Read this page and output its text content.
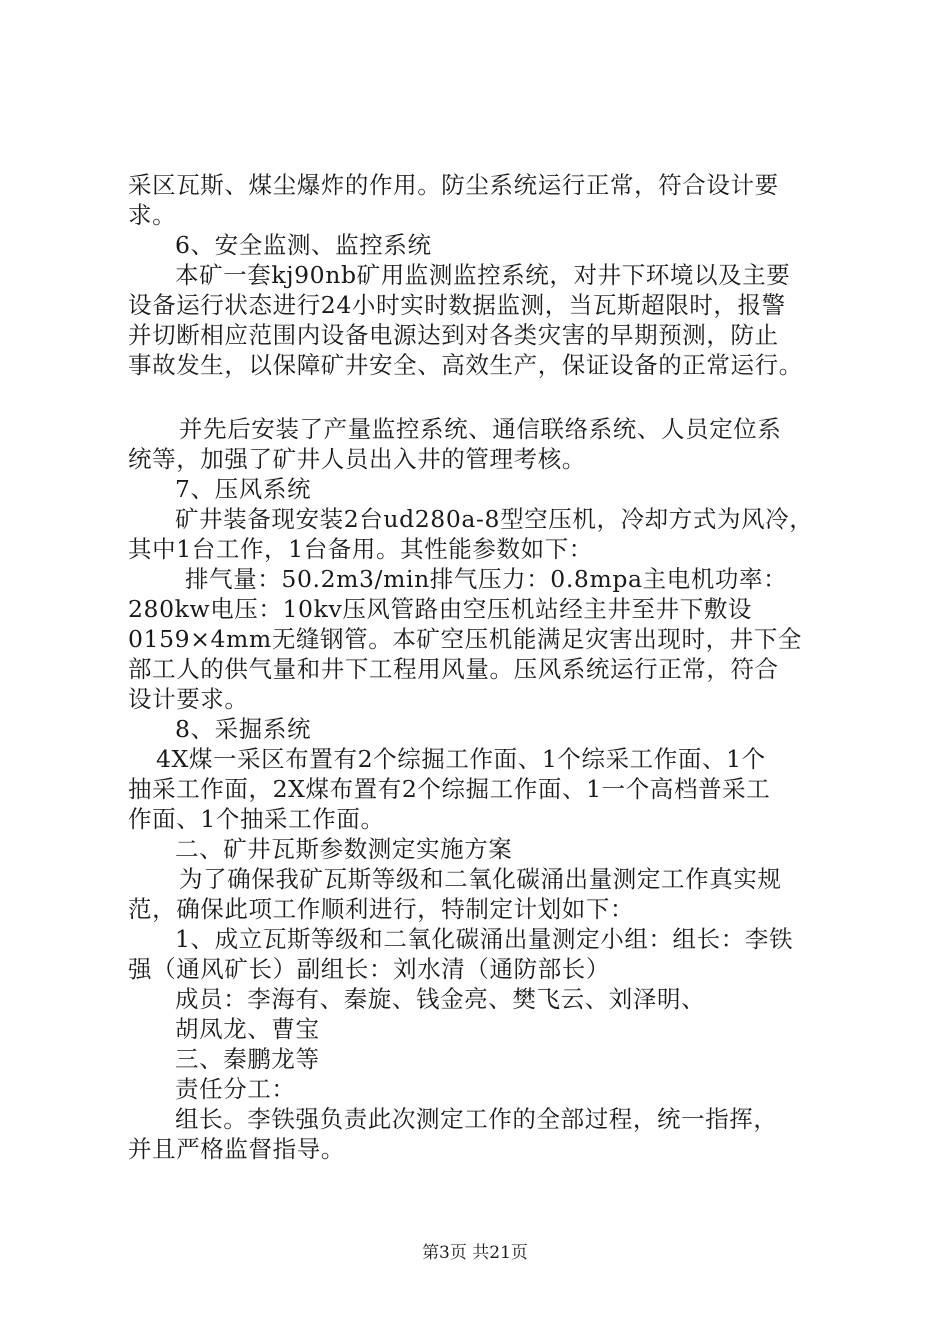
采区瓦斯、煤尘爆炸的作用。防尘系统运行正常，符合设计要
求。
6、安全监测、监控系统
本矿一套kj90nb矿用监测监控系统，对井下环境以及主要
设备运行状态进行24小时实时数据监测，当瓦斯超限时，报警
并切断相应范围内设备电源达到对各类灾害的早期预测，防止
事故发生，以保障矿井安全、高效生产，保证设备的正常运行。
并先后安装了产量监控系统、通信联络系统、人员定位系
统等，加强了矿井人员出入井的管理考核。
7、压风系统
矿井装备现安装2台ud280a-8型空压机，冷却方式为风冷，
其中1台工作，1台备用。其性能参数如下：
排气量：50.2m3/min排气压力：0.8mpa主电机功率：
280kw电压：10kv压风管路由空压机站经主井至井下敷设
0159×4mm无缝钢管。本矿空压机能满足灾害出现时，井下全
部工人的供气量和井下工程用风量。压风系统运行正常，符合
设计要求。
8、采掘系统
4X煤一采区布置有2个综掘工作面、1个综采工作面、1个
抽采工作面，2X煤布置有2个综掘工作面、1一个高档普采工
作面、1个抽采工作面。
二、矿井瓦斯参数测定实施方案
为了确保我矿瓦斯等级和二氧化碳涌出量测定工作真实规
范，确保此项工作顺利进行，特制定计划如下：
1、成立瓦斯等级和二氧化碳涌出量测定小组：组长：李铁
强（通风矿长）副组长：刘水清（通防部长）
成员：李海有、秦旋、钱金亮、樊飞云、刘泽明、
胡凤龙、曹宝
三、秦鹏龙等
责任分工：
组长。李铁强负责此次测定工作的全部过程，统一指挥，
并且严格监督指导。
第3页 共21页
